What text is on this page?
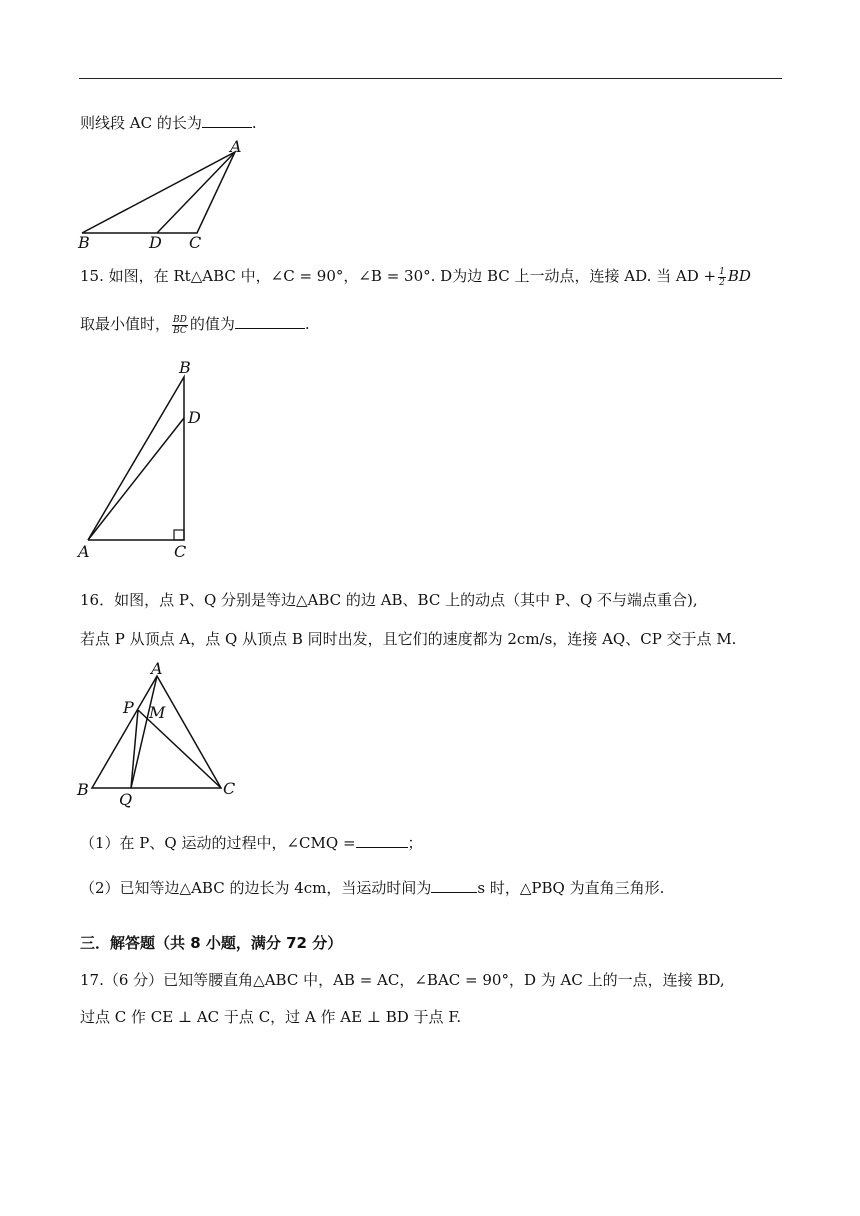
则线段 AC 的长为	.
A
B	D C
15. 如图，在 Rt△ABC 中，∠C = 90°，∠B = 30°. D为边 BC 上一动点，连接 AD. 当 AD + $\frac{1}{2}$ BD
取最小值时， $\frac{BD}{BC}$ 的值为	.
B
D
A	C
16．如图，点 P、Q 分别是等边△ABC 的边 AB、BC 上的动点（其中 P、Q 不与端点重合),
若点 P 从顶点 A，点 Q 从顶点 B 同时出发，且它们的速度都为 2cm/s，连接 AQ、CP 交于点 M.
A
P M
B
Q
C
（1）在 P、Q 运动的过程中，∠CMQ =	；
（2）已知等边△ABC 的边长为 4cm，当运动时间为	s 时，△PBQ 为直角三角形.
三．解答题（共 8 小题，满分 72 分）
17.（6 分）已知等腰直角△ABC 中，AB = AC，∠BAC = 90°，D 为 AC 上的一点，连接 BD,
过点 C 作 CE ⊥ AC 于点 C，过 A 作 AE ⊥ BD 于点 F.
